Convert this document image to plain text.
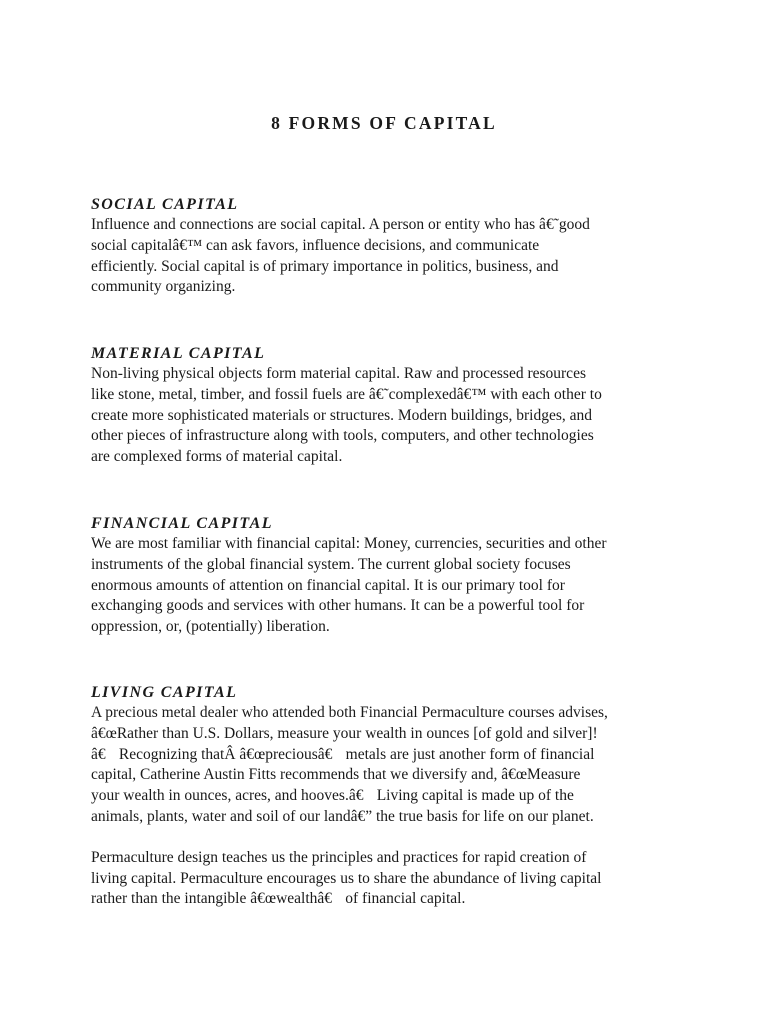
8 FORMS OF CAPITAL
SOCIAL CAPITAL

Influence and connections are social capital. A person or entity who has â€˜good
social capitalâ€™ can ask favors, influence decisions, and communicate
efficiently. Social capital is of primary importance in politics, business, and
community organizing.

MATERIAL CAPITAL

Non-living physical objects form material capital. Raw and processed resources
like stone, metal, timber, and fossil fuels are â€˜complexedâ€™ with each other to
create more sophisticated materials or structures. Modern buildings, bridges, and
other pieces of infrastructure along with tools, computers, and other technologies
are complexed forms of material capital.

FINANCIAL CAPITAL

We are most familiar with financial capital: Money, currencies, securities and other
instruments of the global financial system. The current global society focuses
enormous amounts of attention on financial capital. It is our primary tool for
exchanging goods and services with other humans. It can be a powerful tool for
oppression, or, (potentially) liberation.

LIVING CAPITAL

A precious metal dealer who attended both Financial Permaculture courses advises,
â€œRather than U.S. Dollars, measure your wealth in ounces [of gold and silver]!
â€ Recognizing thatÂ â€œpreciousâ€ metals are just another form of financial
capital, Catherine Austin Fitts recommends that we diversify and, â€œMeasure
your wealth in ounces, acres, and hooves.â€ Living capital is made up of the
animals, plants, water and soil of our landâ€” the true basis for life on our planet.

Permaculture design teaches us the principles and practices for rapid creation of
living capital. Permaculture encourages us to share the abundance of living capital
rather than the intangible â€œwealthâ€ of financial capital.
